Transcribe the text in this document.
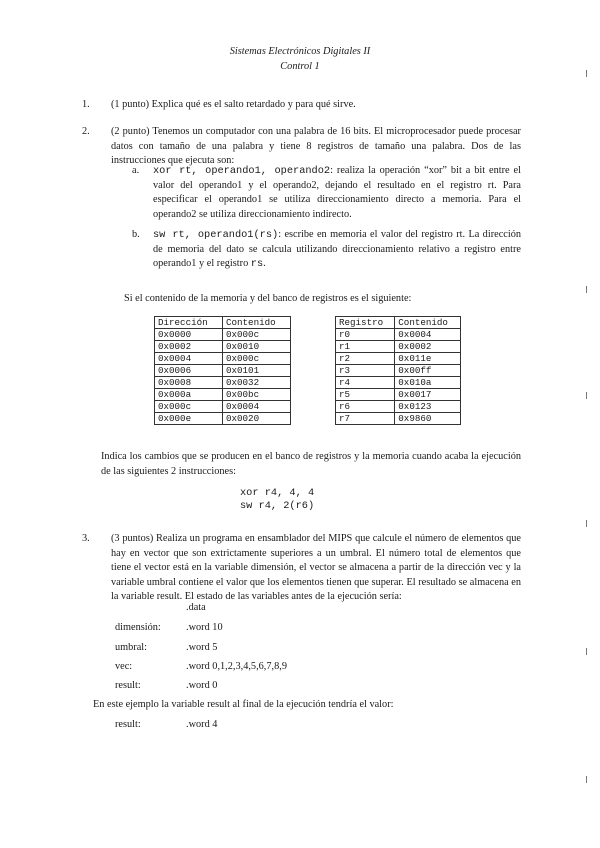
Sistemas Electrónicos Digitales II
Control 1
1. (1 punto) Explica qué es el salto retardado y para qué sirve.
2. (2 punto) Tenemos un computador con una palabra de 16 bits. El microprocesador puede procesar datos con tamaño de una palabra y tiene 8 registros de tamaño una palabra. Dos de las instrucciones que ejecuta son:
a. xor rt, operando1, operando2: realiza la operación “xor” bit a bit entre el valor del operando1 y el operando2, dejando el resultado en el registro rt. Para especificar el operando1 se utiliza direccionamiento directo a memoria. Para el operando2 se utiliza direccionamiento indirecto.
b. sw rt, operando1(rs): escribe en memoria el valor del registro rt. La dirección de memoria del dato se calcula utilizando direccionamiento relativo a registro entre operando1 y el registro rs.
Si el contenido de la memoria y del banco de registros es el siguiente:
Dirección	Contenido
0x0000	0x000c
0x0002	0x0010
0x0004	0x000c
0x0006	0x0101
0x0008	0x0032
0x000a	0x00bc
0x000c	0x0004
0x000e	0x0020
Registro	Contenido
r0	0x0004
r1	0x0002
r2	0x011e
r3	0x00ff
r4	0x010a
r5	0x0017
r6	0x0123
r7	0x9860
Indica los cambios que se producen en el banco de registros y la memoria cuando acaba la ejecución de las siguientes 2 instrucciones:
xor r4, 4, 4
sw r4, 2(r6)
3. (3 puntos) Realiza un programa en ensamblador del MIPS que calcule el número de elementos que hay en vector que son extrictamente superiores a un umbral. El número total de elementos que tiene el vector está en la variable dimensión, el vector se almacena a partir de la dirección vec y la variable umbral contiene el valor que los elementos tienen que superar. El resultado se almacena en la variable result. El estado de las variables antes de la ejecución sería:
.data
dimensión: .word 10
umbral:	.word 5
vec:	.word 0,1,2,3,4,5,6,7,8,9
result:	.word 0
En este ejemplo la variable result al final de la ejecución tendría el valor:
result:	.word 4
